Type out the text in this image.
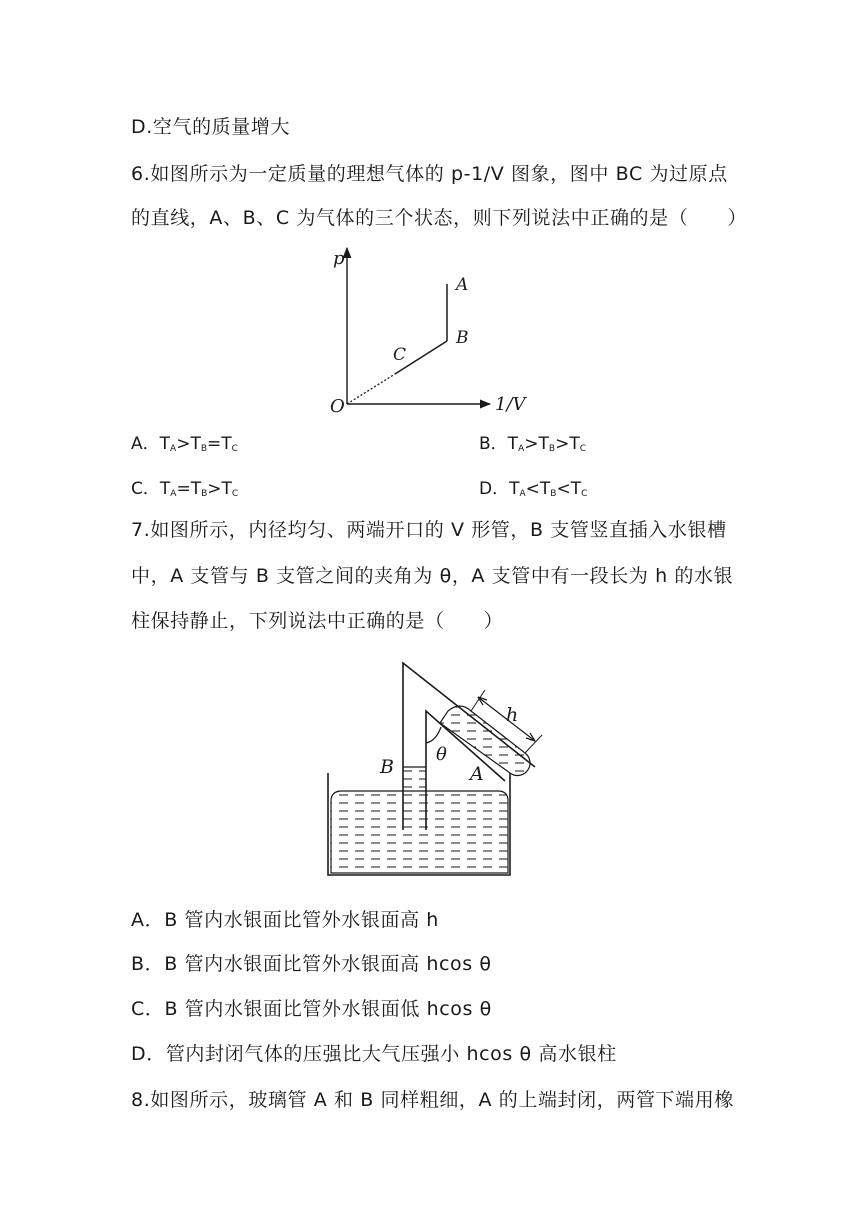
D.空气的质量增大
6.如图所示为一定质量的理想气体的 p-1/V 图象，图中 BC 为过原点
的直线，A、B、C 为气体的三个状态，则下列说法中正确的是（　　）
p
1/V
O
A
B
C
A．$T_A>T_B=T_C$	B．$T_A>T_B>T_C$
C．$T_A=T_B>T_C$	D．$T_A<T_B<T_C$
7.如图所示，内径均匀、两端开口的 V 形管，B 支管竖直插入水银槽
中，A 支管与 B 支管之间的夹角为 θ，A 支管中有一段长为 h 的水银
柱保持静止，下列说法中正确的是（　　）
h
B
θ
A
A．B 管内水银面比管外水银面高 h
B．B 管内水银面比管外水银面高 hcos θ
C．B 管内水银面比管外水银面低 hcos θ
D．管内封闭气体的压强比大气压强小 hcos θ 高水银柱
8.如图所示，玻璃管 A 和 B 同样粗细，A 的上端封闭，两管下端用橡
